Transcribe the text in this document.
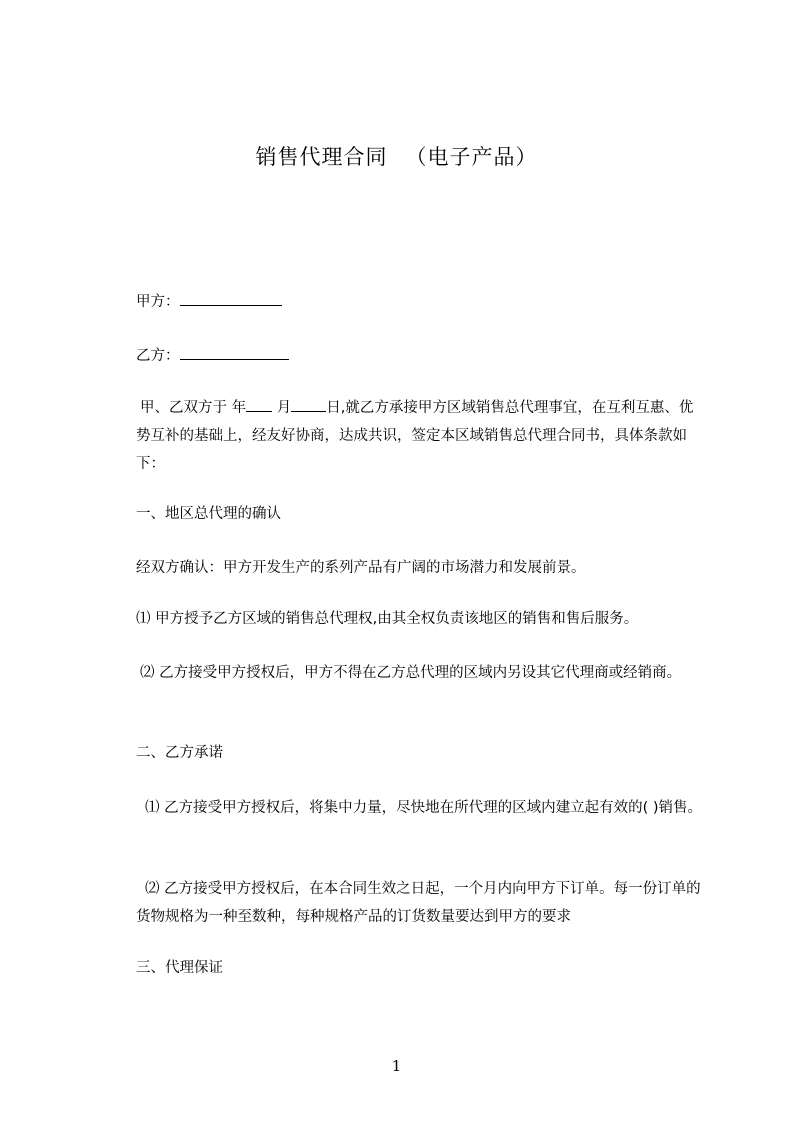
销售代理合同 （电子产品）

甲方：

乙方：

甲、乙双方于 年 月 日,就乙方承接甲方区域销售总代理事宜，在互利互惠、优势互补的基础上，经友好协商，达成共识，签定本区域销售总代理合同书，具体条款如下：

一、地区总代理的确认

经双方确认：甲方开发生产的系列产品有广阔的市场潜力和发展前景。

⑴ 甲方授予乙方区域的销售总代理权,由其全权负责该地区的销售和售后服务。

⑵ 乙方接受甲方授权后，甲方不得在乙方总代理的区域内另设其它代理商或经销商。

二、乙方承诺

⑴ 乙方接受甲方授权后，将集中力量，尽快地在所代理的区域内建立起有效的( )销售。

⑵ 乙方接受甲方授权后，在本合同生效之日起，一个月内向甲方下订单。每一份订单的货物规格为一种至数种，每种规格产品的订货数量要达到甲方的要求

三、代理保证

1
